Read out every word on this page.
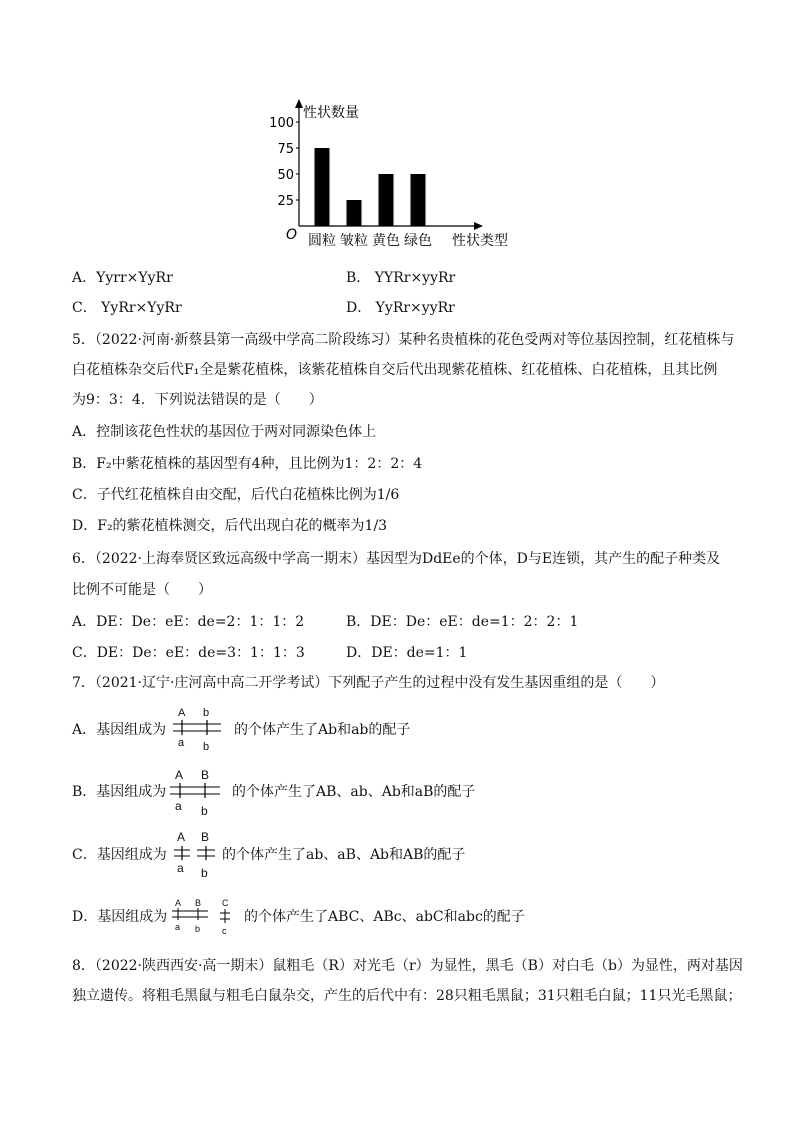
性状数量
性状类型
O
100
75
50
25
圆粒 皱粒 黄色 绿色
A．Yyrr×YyRr	B． YYRr×yyRr
C． YyRr×YyRr	D． YyRr×yyRr
5．（2022·河南·新蔡县第一高级中学高二阶段练习）某种名贵植株的花色受两对等位基因控制，红花植株与
白花植株杂交后代F₁全是紫花植株，该紫花植株自交后代出现紫花植株、红花植株、白花植株，且其比例
为9：3：4．下列说法错误的是（　　）
A．控制该花色性状的基因位于两对同源染色体上
B．F₂中紫花植株的基因型有4种，且比例为1：2：2：4
C．子代红花植株自由交配，后代白花植株比例为1/6
D．F₂的紫花植株测交，后代出现白花的概率为1/3
6．（2022·上海奉贤区致远高级中学高一期末）基因型为DdEe的个体，D与E连锁，其产生的配子种类及
比例不可能是（　　）
A．DE：De：eE：de=2：1：1：2	B．DE：De：eE：de=1：2：2：1
C．DE：De：eE：de=3：1：1：3	D．DE：de=1：1
7．（2021·辽宁·庄河高中高二开学考试）下列配子产生的过程中没有发生基因重组的是（　　）
A．基因组成为
A b
a b
的个体产生了Ab和ab的配子
B．基因组成为
A B
a b
的个体产生了AB、ab、Ab和aB的配子
C．基因组成为
A B
a b
的个体产生了ab、aB、Ab和AB的配子
D．基因组成为
A B C
a b c
的个体产生了ABC、ABc、abC和abc的配子
8．（2022·陕西西安·高一期末）鼠粗毛（R）对光毛（r）为显性，黑毛（B）对白毛（b）为显性，两对基因
独立遗传。将粗毛黑鼠与粗毛白鼠杂交，产生的后代中有：28只粗毛黑鼠；31只粗毛白鼠；11只光毛黑鼠；
